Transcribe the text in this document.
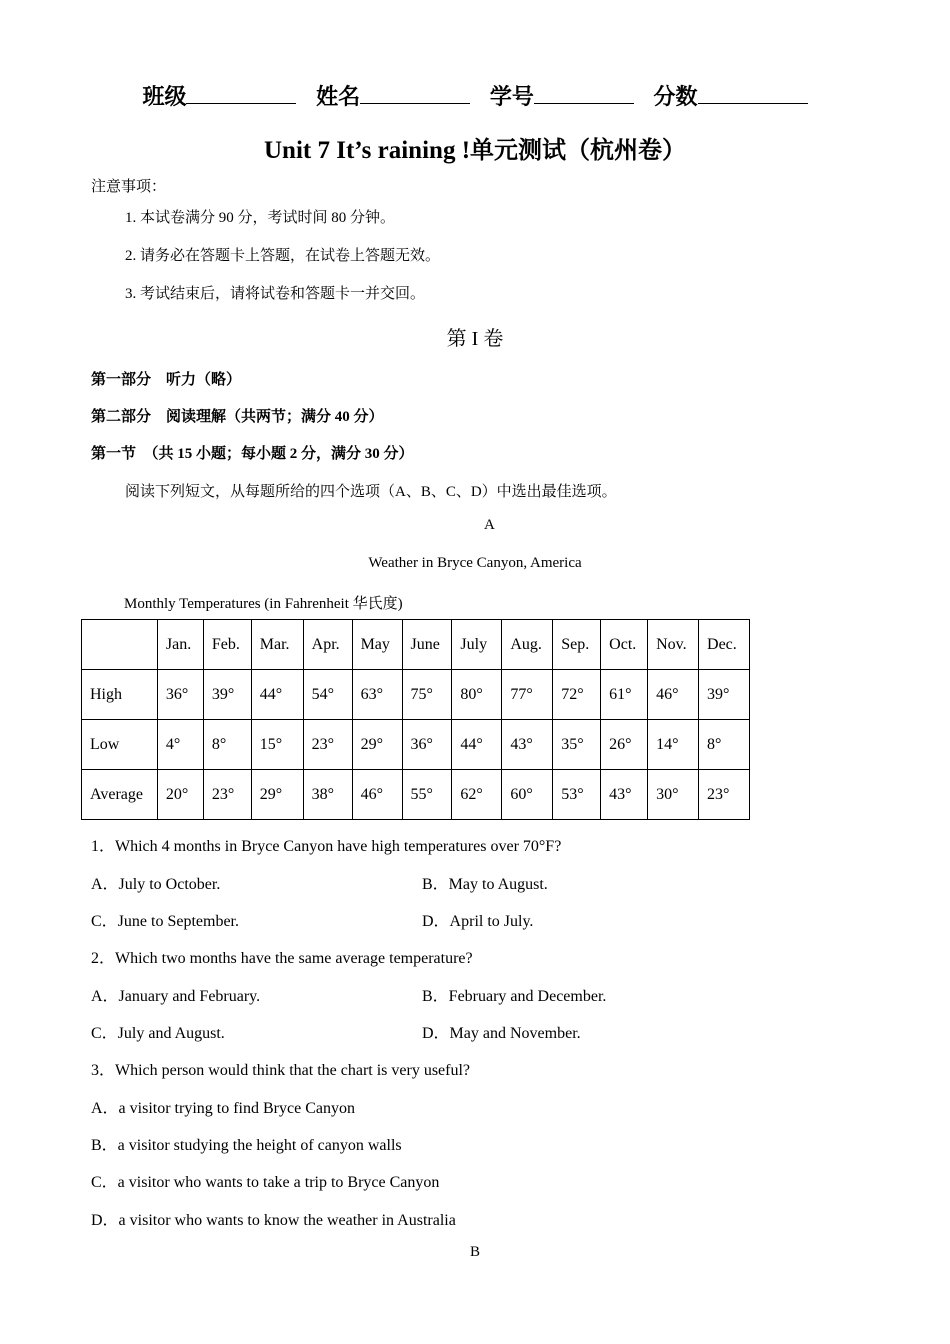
班级	姓名	学号	分数
Unit 7 It’s raining !单元测试（杭州卷）
注意事项：
1. 本试卷满分 90 分，考试时间 80 分钟。
2. 请务必在答题卡上答题，在试卷上答题无效。
3. 考试结束后，请将试卷和答题卡一并交回。
第 I 卷
第一部分　听力（略）
第二部分　阅读理解（共两节；满分 40 分）
第一节　（共 15 小题；每小题 2 分，满分 30 分）
阅读下列短文，从每题所给的四个选项（A、B、C、D）中选出最佳选项。
A
Weather in Bryce Canyon, America
Monthly Temperatures (in Fahrenheit 华氏度)
	Jan.	Feb.	Mar.	Apr.	May	June	July	Aug.	Sep.	Oct.	Nov.	Dec.
High	36°	39°	44°	54°	63°	75°	80°	77°	72°	61°	46°	39°
Low	4°	8°	15°	23°	29°	36°	44°	43°	35°	26°	14°	8°
Average	20°	23°	29°	38°	46°	55°	62°	60°	53°	43°	30°	23°
1．Which 4 months in Bryce Canyon have high temperatures over 70°F?
A．July to October.	B．May to August.
C．June to September.	D．April to July.
2．Which two months have the same average temperature?
A．January and February.	B．February and December.
C．July and August.	D．May and November.
3．Which person would think that the chart is very useful?
A．a visitor trying to find Bryce Canyon
B．a visitor studying the height of canyon walls
C．a visitor who wants to take a trip to Bryce Canyon
D．a visitor who wants to know the weather in Australia
B
